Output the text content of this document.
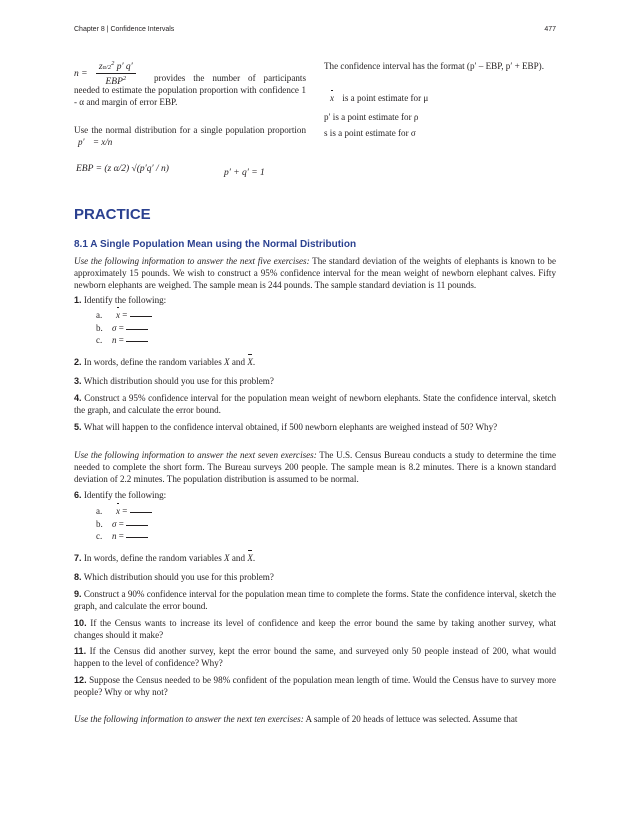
Chapter 8 | Confidence Intervals	477
$n = \frac{z\alpha/2^2 p' q'}{EBP^2}$	provides the number of participants needed to estimate the population proportion with confidence 1 - α and margin of error EBP.
Use the normal distribution for a single population proportion p′ = x/n
EBP = (z α/2) √(p′q′ / n)	p′ + q′ = 1
The confidence interval has the format (p′ – EBP, p′ + EBP).
x is a point estimate for μ
p′ is a point estimate for ρ
s is a point estimate for σ
PRACTICE
8.1 A Single Population Mean using the Normal Distribution
Use the following information to answer the next five exercises: The standard deviation of the weights of elephants is known to be approximately 15 pounds. We wish to construct a 95% confidence interval for the mean weight of newborn elephant calves. Fifty newborn elephants are weighed. The sample mean is 244 pounds. The sample standard deviation is 11 pounds.
1. Identify the following:
a. x =
b. σ =
c. n =
2. In words, define the random variables X and X.
3. Which distribution should you use for this problem?
4. Construct a 95% confidence interval for the population mean weight of newborn elephants. State the confidence interval, sketch the graph, and calculate the error bound.
5. What will happen to the confidence interval obtained, if 500 newborn elephants are weighed instead of 50? Why?
Use the following information to answer the next seven exercises: The U.S. Census Bureau conducts a study to determine the time needed to complete the short form. The Bureau surveys 200 people. The sample mean is 8.2 minutes. There is a known standard deviation of 2.2 minutes. The population distribution is assumed to be normal.
6. Identify the following:
a. x =
b. σ =
c. n =
7. In words, define the random variables X and X.
8. Which distribution should you use for this problem?
9. Construct a 90% confidence interval for the population mean time to complete the forms. State the confidence interval, sketch the graph, and calculate the error bound.
10. If the Census wants to increase its level of confidence and keep the error bound the same by taking another survey, what changes should it make?
11. If the Census did another survey, kept the error bound the same, and surveyed only 50 people instead of 200, what would happen to the level of confidence? Why?
12. Suppose the Census needed to be 98% confident of the population mean length of time. Would the Census have to survey more people? Why or why not?
Use the following information to answer the next ten exercises: A sample of 20 heads of lettuce was selected. Assume that
